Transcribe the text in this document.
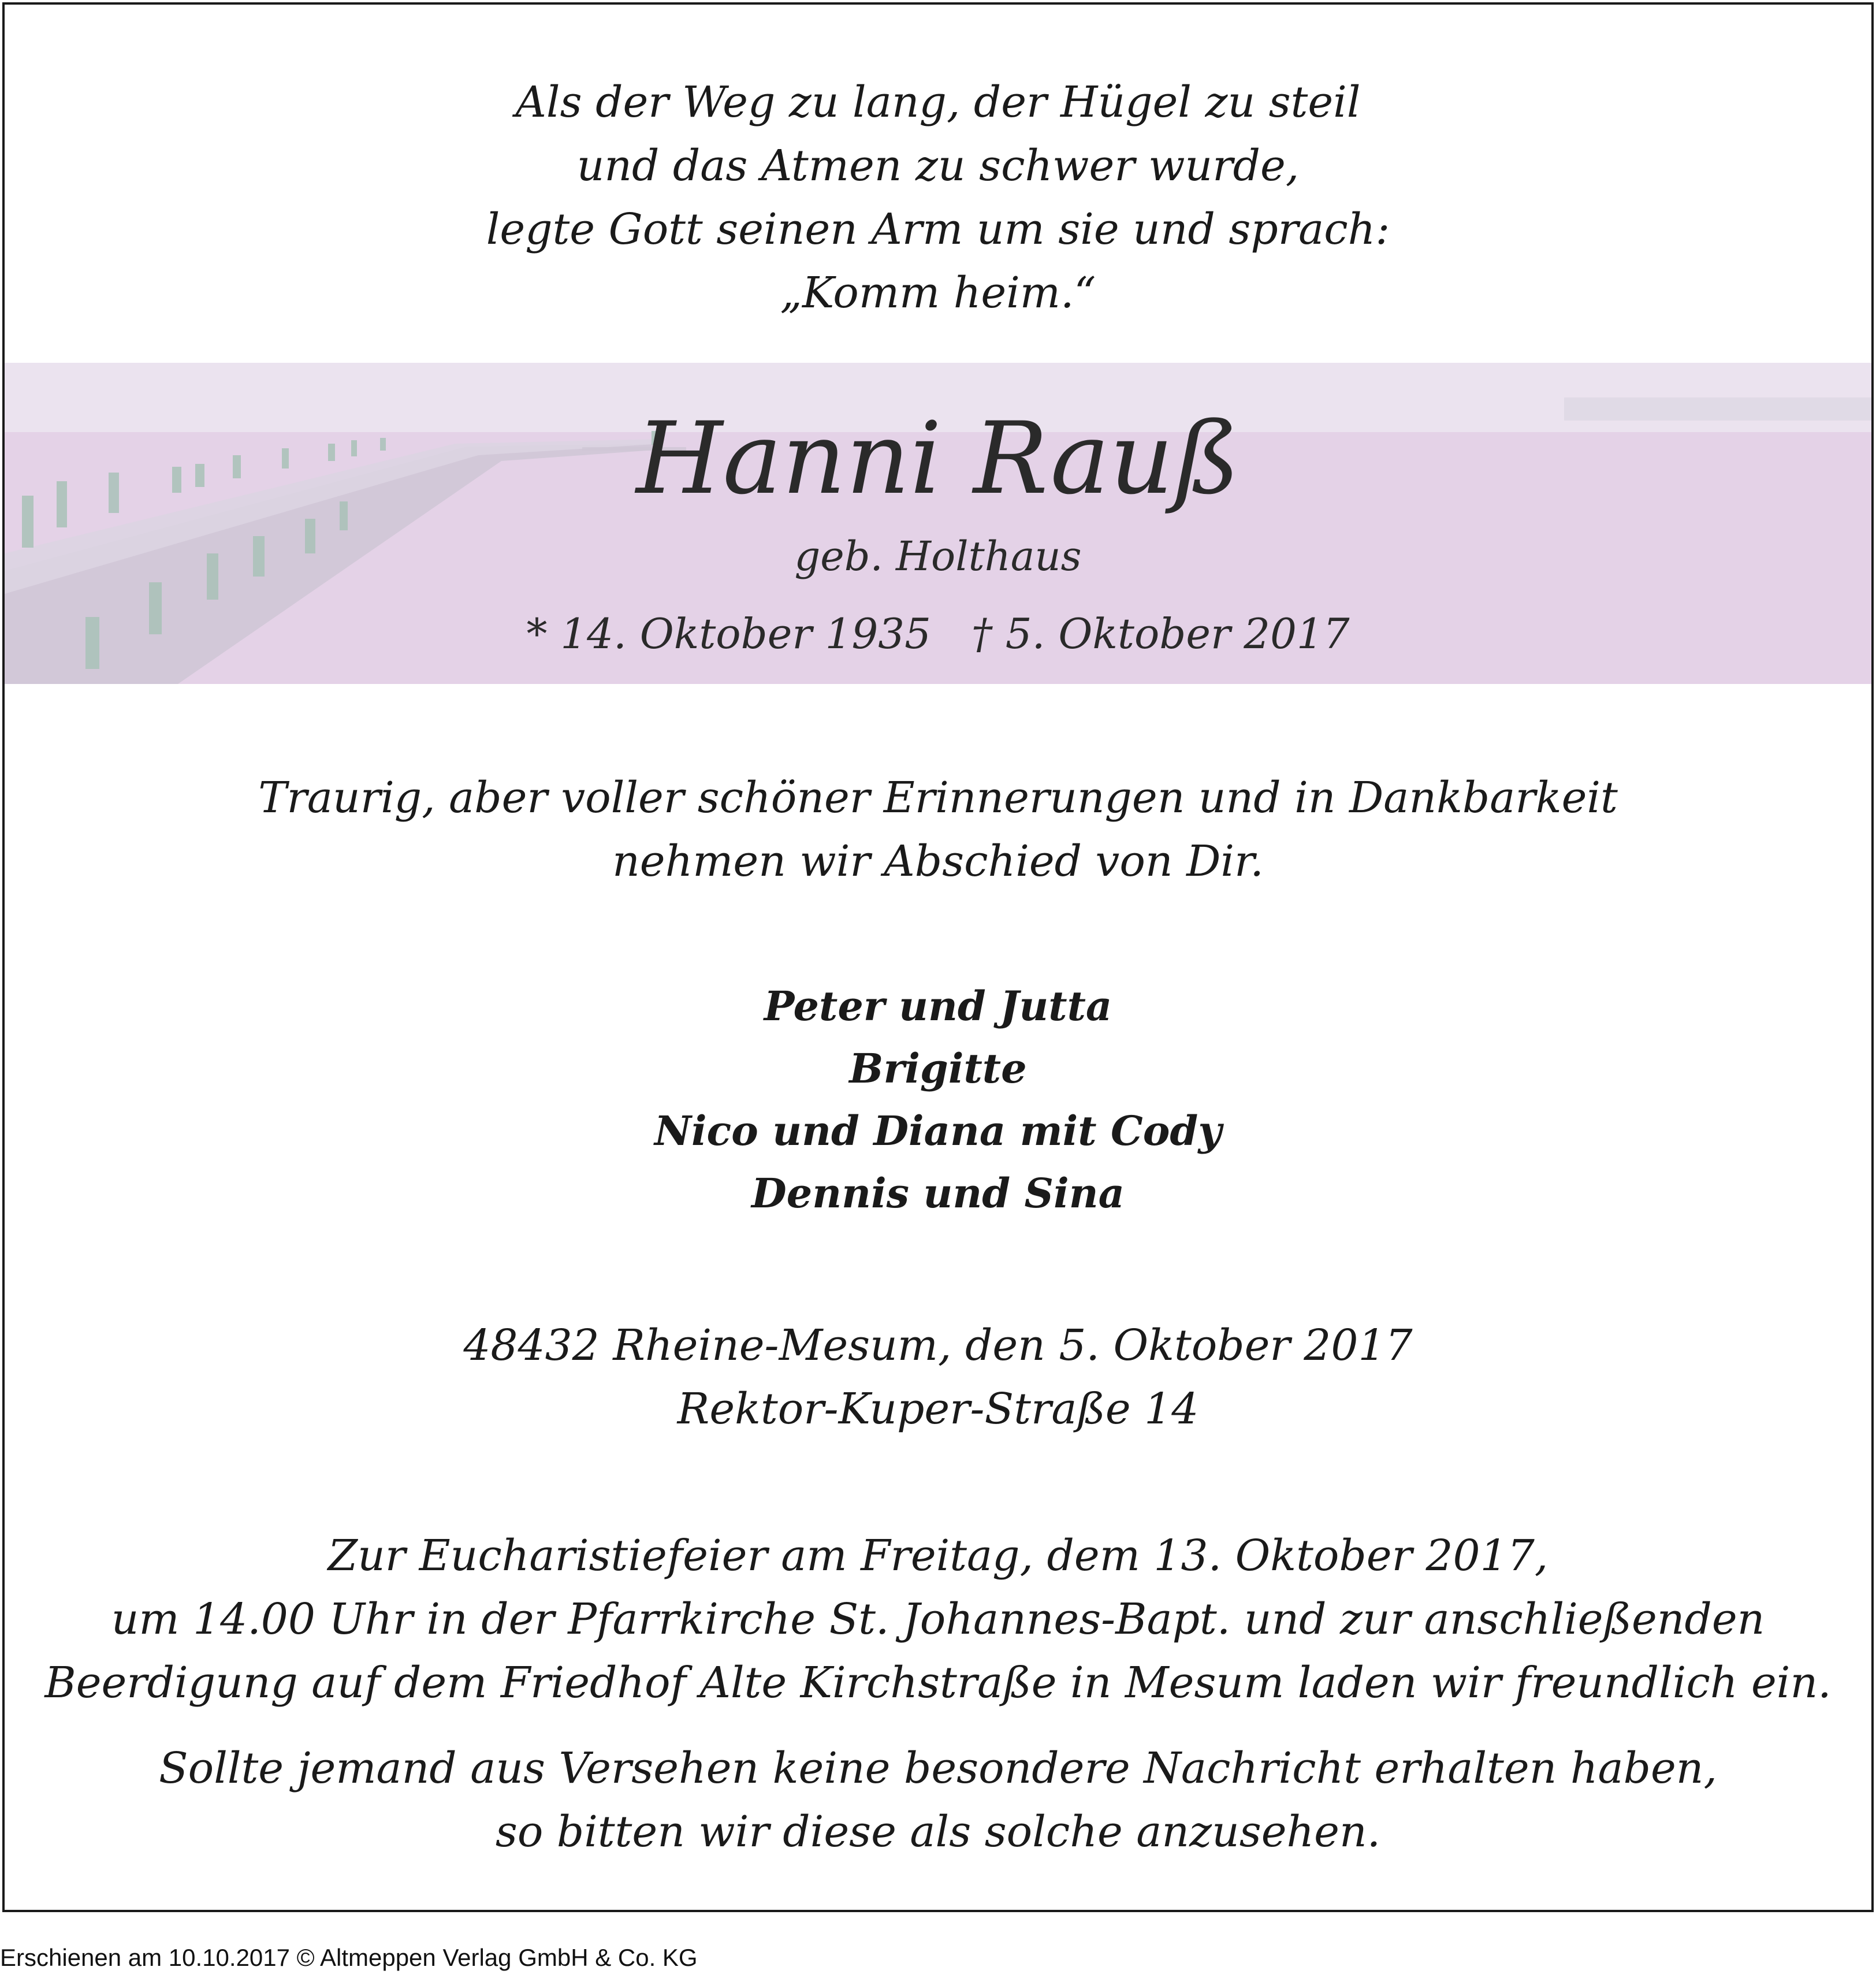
Als der Weg zu lang, der Hügel zu steil
und das Atmen zu schwer wurde,
legte Gott seinen Arm um sie und sprach:
„Komm heim.“
Hanni Rauß
geb. Holthaus
* 14. Oktober 1935 † 5. Oktober 2017
Traurig, aber voller schöner Erinnerungen und in Dankbarkeit
nehmen wir Abschied von Dir.
Peter und Jutta
Brigitte
Nico und Diana mit Cody
Dennis und Sina
48432 Rheine-Mesum, den 5. Oktober 2017
Rektor-Kuper-Straße 14
Zur Eucharistiefeier am Freitag, dem 13. Oktober 2017,
um 14.00 Uhr in der Pfarrkirche St. Johannes-Bapt. und zur anschließenden
Beerdigung auf dem Friedhof Alte Kirchstraße in Mesum laden wir freundlich ein.
Sollte jemand aus Versehen keine besondere Nachricht erhalten haben,
so bitten wir diese als solche anzusehen.
Erschienen am 10.10.2017 © Altmeppen Verlag GmbH & Co. KG
